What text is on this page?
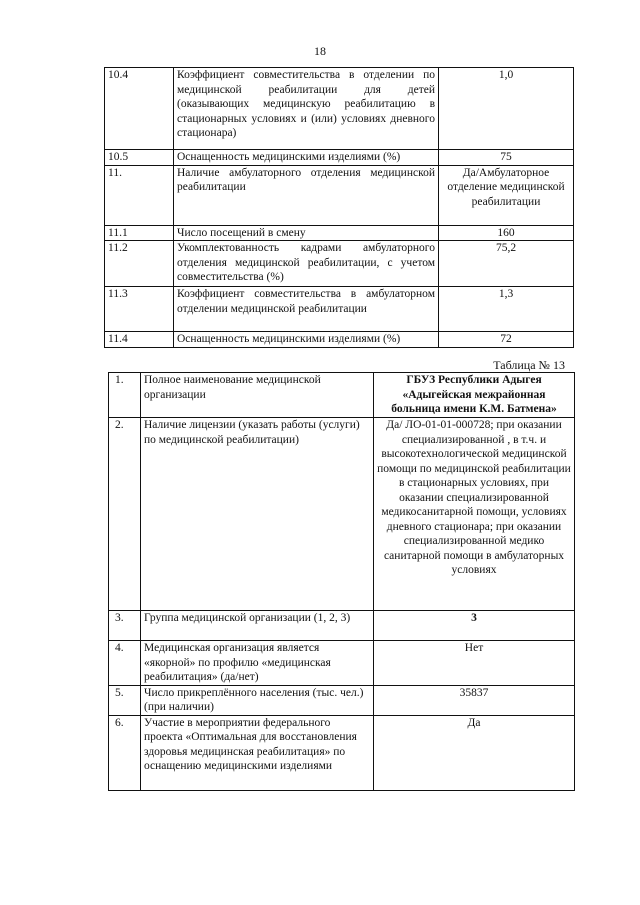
18
10.4	Коэффициент совместительства в отделении по медицинской реабилитации для детей (оказывающих медицинскую реабилитацию в стационарных условиях и (или) условиях дневного стационара)	1,0
10.5	Оснащенность медицинскими изделиями (%)	75
11.	Наличие амбулаторного отделения медицинской реабилитации	Да/Амбулаторное отделение медицинской реабилитации
11.1	Число посещений в смену	160
11.2	Укомплектованность кадрами амбулаторного отделения медицинской реабилитации, с учетом совместительства (%)	75,2
11.3	Коэффициент совместительства в амбулаторном отделении медицинской реабилитации	1,3
11.4	Оснащенность медицинскими изделиями (%)	72
Таблица № 13
1.	Полное наименование медицинской организации	ГБУЗ Республики Адыгея «Адыгейская межрайонная больница имени К.М. Батмена»
2.	Наличие лицензии (указать работы (услуги) по медицинской реабилитации)	Да/ ЛО-01-01-000728; при оказании специализированной , в т.ч. и высокотехнологической медицинской помощи по медицинской реабилитации в стационарных условиях, при оказании специализированной медикосанитарной помощи, условиях дневного стационара; при оказании специализированной медико санитарной помощи в амбулаторных условиях
3.	Группа медицинской организации (1, 2, 3)	3
4.	Медицинская организация является «якорной» по профилю «медицинская реабилитация» (да/нет)	Нет
5.	Число прикреплённого населения (тыс. чел.) (при наличии)	35837
6.	Участие в мероприятии федерального проекта «Оптимальная для восстановления здоровья медицинская реабилитация» по оснащению медицинскими изделиями	Да
